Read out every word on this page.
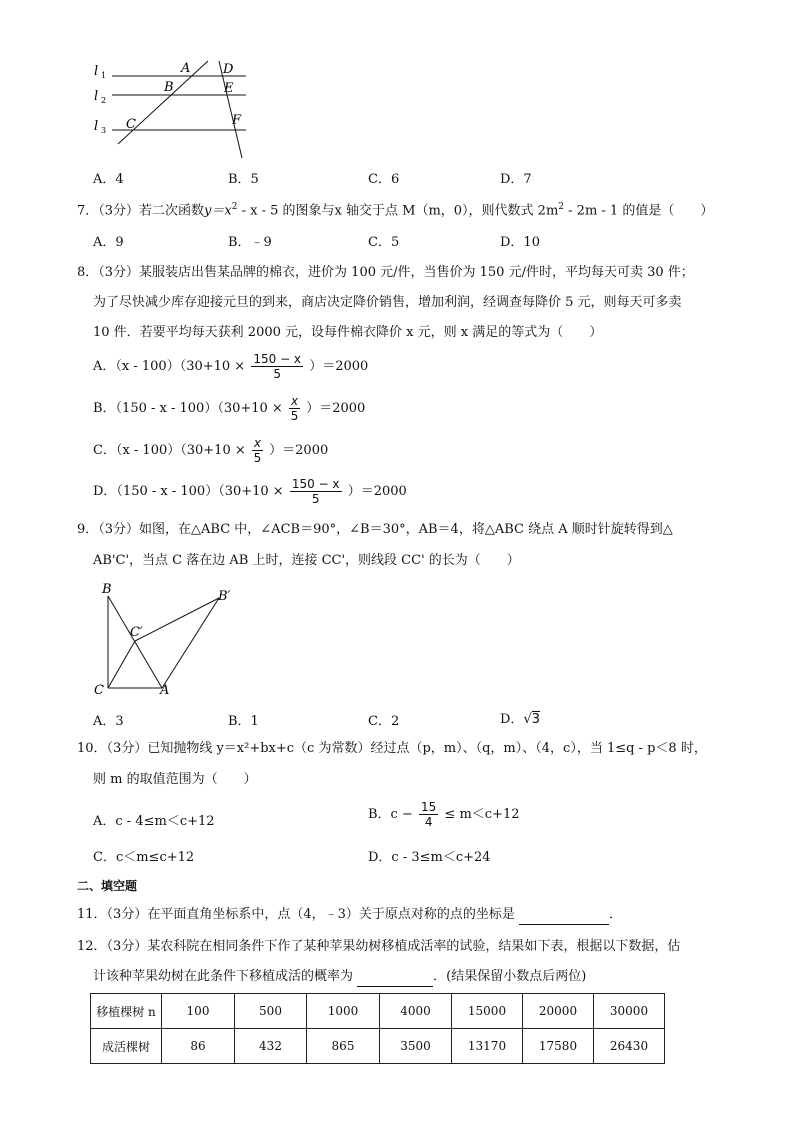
l 1
l 2
l 3
A
B
C
D
E
F
A．4	B．5	C．6	D．7
7．（3分）若二次函数$y=x^2 - x - 5$ 的图象与x 轴交于点 M（m，0），则代数式 $2m^2 - 2m - 1$ 的值是（　　）
A．9	B．﹣9	C．5	D．10
8．（3分）某服装店出售某品牌的棉衣，进价为 100 元/件，当售价为 150 元/件时，平均每天可卖 30 件；
为了尽快减少库存迎接元旦的到来，商店决定降价销售，增加利润，经调查每降价 5 元，则每天可多卖
10 件．若要平均每天获利 2000 元，设每件棉衣降价 x 元，则 x 满足的等式为（　　）
A．$(x - 100)(30+10 \times \frac{150 - x}{5} )=2000$
B．$(150 - x - 100)(30+10 \times \frac{x}{5} )=2000$
C．$(x - 100)(30+10 \times \frac{x}{5} )=2000$
D．$(150 - x - 100)(30+10 \times \frac{150 - x}{5} )=2000$
9．（3分）如图，在△ABC 中，∠ACB＝90°，∠B＝30°，AB＝4，将△ABC 绕点 A 顺时针旋转得到△
AB'C'，当点 C 落在边 AB 上时，连接 CC'，则线段 CC' 的长为（　　）
B	B′
C′
C	A
A．3	B．1	C．2	D．√3
10．（3分）已知抛物线 y＝x²+bx+c（c 为常数）经过点（p，m）、（q，m）、（4，c），当 1≤q - p＜8 时，
则 m 的取值范围为（　　）
A．c - 4≤m＜c+12	B．$c - \frac{15}{4} \le m<c+12$
C．c＜m≤c+12	D．c - 3≤m＜c+24
二、填空题
11．（3分）在平面直角坐标系中，点（4，﹣3）关于原点对称的点的坐标是	．
12．（3分）某农科院在相同条件下作了某种苹果幼树移植成活率的试验，结果如下表，根据以下数据，估
计该种苹果幼树在此条件下移植成活的概率为	．(结果保留小数点后两位)
移植棵树 n	100	500	1000	4000	15000	20000	30000
成活棵树	86	432	865	3500	13170	17580	26430
